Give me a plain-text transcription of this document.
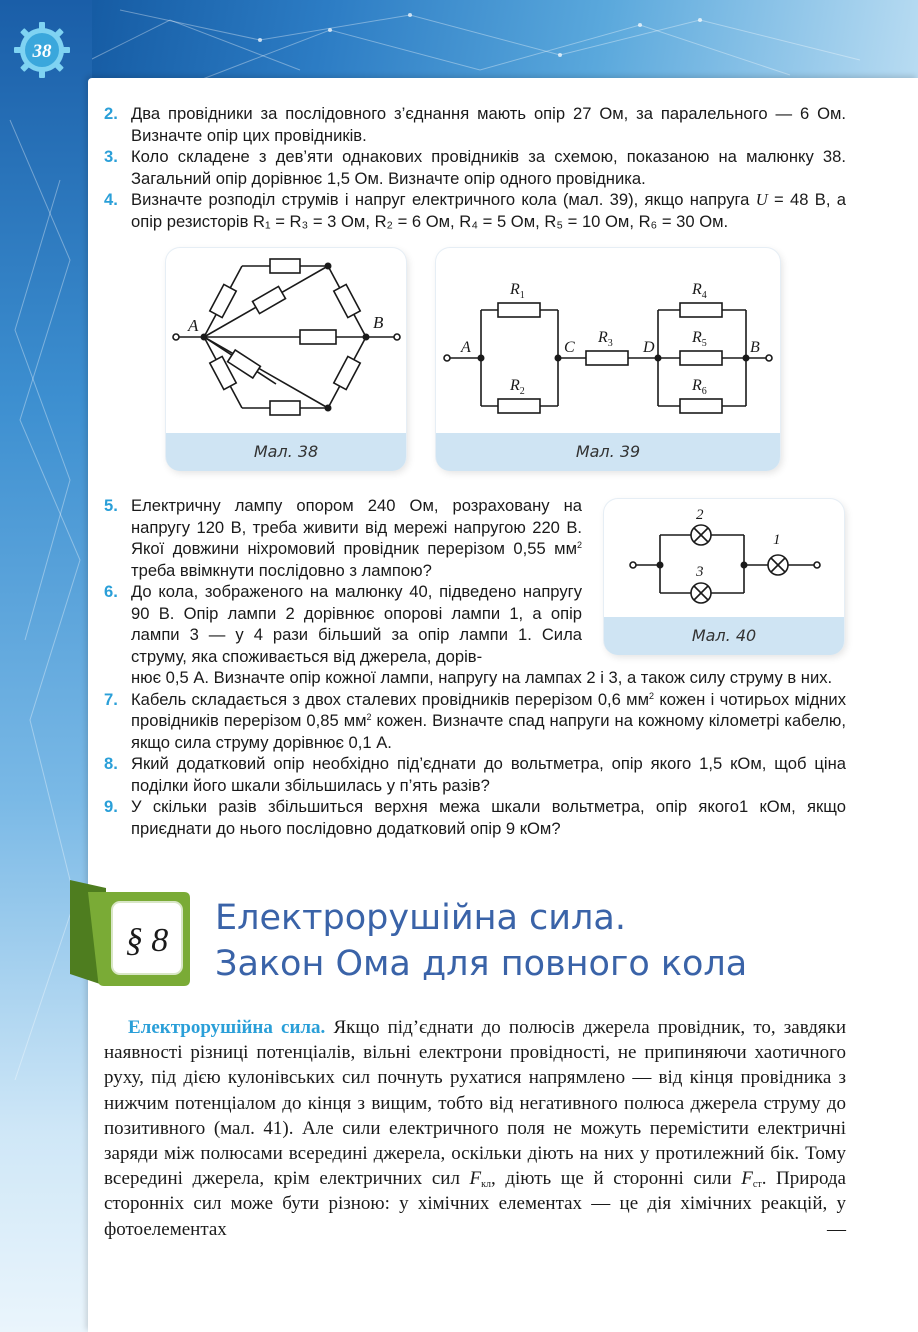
38
2. Два провідники за послідовного з’єднання мають опір 27 Ом, за паралельного — 6 Ом. Визначте опір цих провідників.
3. Коло складене з дев’яти однакових провідників за схемою, показаною на малюнку 38. Загальний опір дорівнює 1,5 Ом. Визначте опір одного провідника.
4. Визначте розподіл струмів і напруг електричного кола (мал. 39), якщо напруга U = 48 В, а опір резисторів R₁ = R₃ = 3 Ом, R₂ = 6 Ом, R₄ = 5 Ом, R₅ = 10 Ом, R₆ = 30 Ом.
A	B
Мал. 38
A	C	D	B
$R_1$
$R_2$
$R_3$
$R_4$
$R_5$
$R_6$
Мал. 39
5. Електричну лампу опором 240 Ом, розраховану на напругу 120 В, треба живити від мережі напругою 220 В. Якої довжини ніхромовий провідник перерізом 0,55 $мм^2$ треба ввімкнути послідовно з лампою?
6. До кола, зображеного на малюнку 40, підведено напругу 90 В. Опір лампи 2 дорівнює опорові лампи 1, а опір лампи 3 — у 4 рази більший за опір лампи 1. Сила струму, яка споживається від джерела, дорів-
2
3
1
Мал. 40
нює 0,5 А. Визначте опір кожної лампи, напругу на лампах 2 і 3, а також силу струму в них.
7. Кабель складається з двох сталевих провідників перерізом 0,6 $мм^2$ кожен і чотирьох мідних провідників перерізом 0,85 $мм^2$ кожен. Визначте спад напруги на кожному кілометрі кабелю, якщо сила струму дорівнює 0,1 А.
8. Який додатковий опір необхідно під’єднати до вольтметра, опір якого 1,5 кОм, щоб ціна поділки його шкали збільшилась у п’ять разів?
9. У скільки разів збільшиться верхня межа шкали вольтметра, опір якого1 кОм, якщо приєднати до нього послідовно додатковий опір 9 кОм?
§ 8
Електрорушійна сила.
Закон Ома для повного кола
Електрорушійна сила. Якщо під’єднати до полюсів джерела провідник, то, завдяки наявності різниці потенціалів, вільні електрони провідності, не припиняючи хаотичного руху, під дією кулонівських сил почнуть рухатися напрямлено — від кінця провідника з нижчим потенціалом до кінця з вищим, тобто від негативного полюса джерела струму до позитивного (мал. 41). Але сили електричного поля не можуть перемістити електричні заряди між полюсами всередині джерела, оскільки діють на них у протилежний бік. Тому всередині джерела, крім електричних сил $F_{кл}$, діють ще й сторонні сили $F_{ст}$. Природа сторонніх сил може бути різною: у хімічних елементах — це дія хімічних реакцій, у фотоелементах —
